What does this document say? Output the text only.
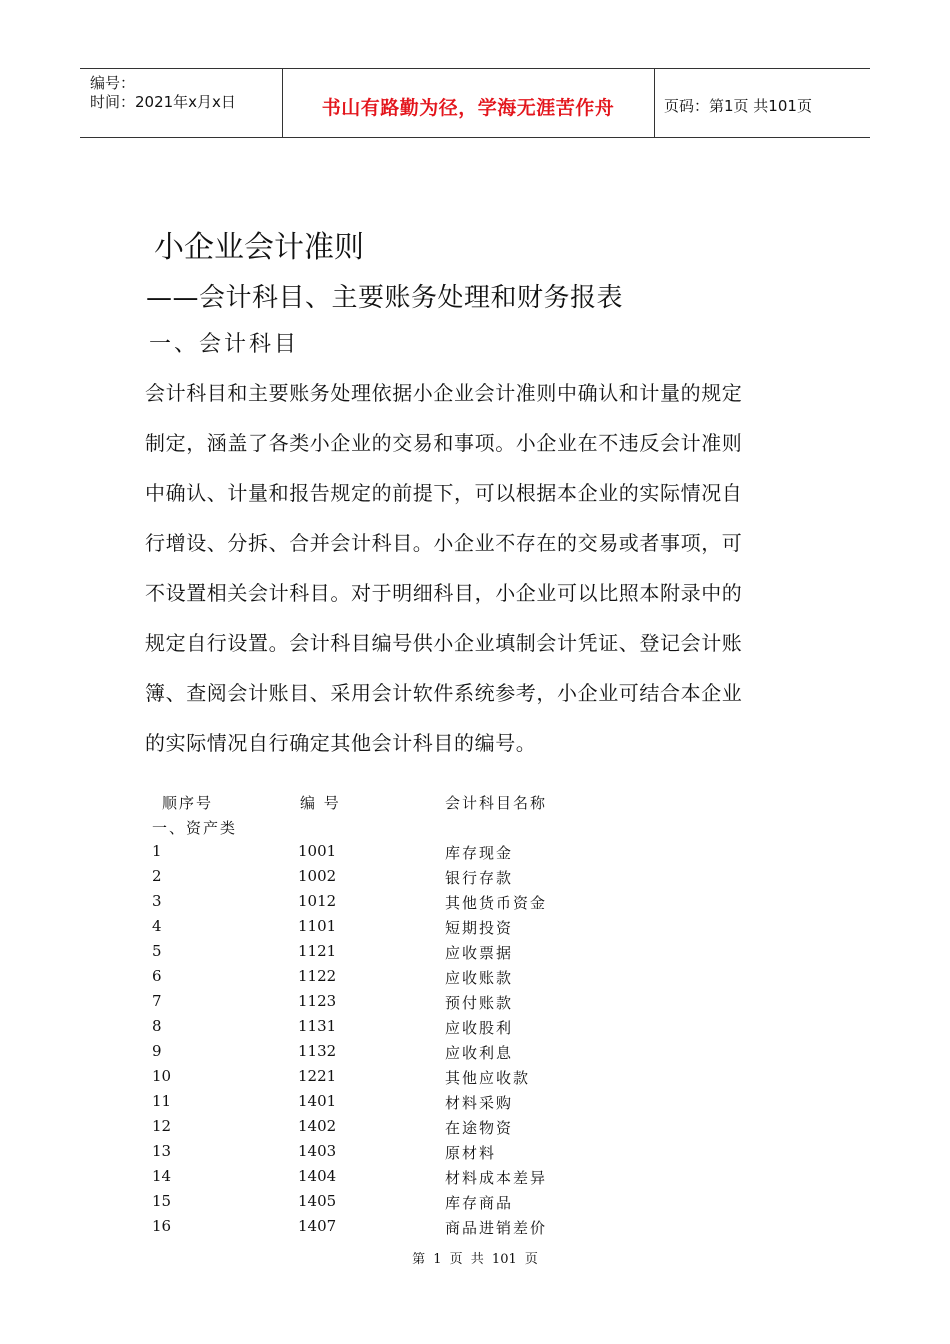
编号：
时间：2021年x月x日	书山有路勤为径，学海无涯苦作舟	页码：第1页 共101页
小企业会计准则
——会计科目、主要账务处理和财务报表
一、会计科目
会计科目和主要账务处理依据小企业会计准则中确认和计量的规定
制定，涵盖了各类小企业的交易和事项。小企业在不违反会计准则
中确认、计量和报告规定的前提下，可以根据本企业的实际情况自
行增设、分拆、合并会计科目。小企业不存在的交易或者事项，可
不设置相关会计科目。对于明细科目，小企业可以比照本附录中的
规定自行设置。会计科目编号供小企业填制会计凭证、登记会计账
簿、查阅会计账目、采用会计软件系统参考，小企业可结合本企业
的实际情况自行确定其他会计科目的编号。
顺序号	编 号	会计科目名称
一、资产类
1	1001	库存现金
2	1002	银行存款
3	1012	其他货币资金
4	1101	短期投资
5	1121	应收票据
6	1122	应收账款
7	1123	预付账款
8	1131	应收股利
9	1132	应收利息
10	1221	其他应收款
11	1401	材料采购
12	1402	在途物资
13	1403	原材料
14	1404	材料成本差异
15	1405	库存商品
16	1407	商品进销差价
第 1 页 共 101 页
